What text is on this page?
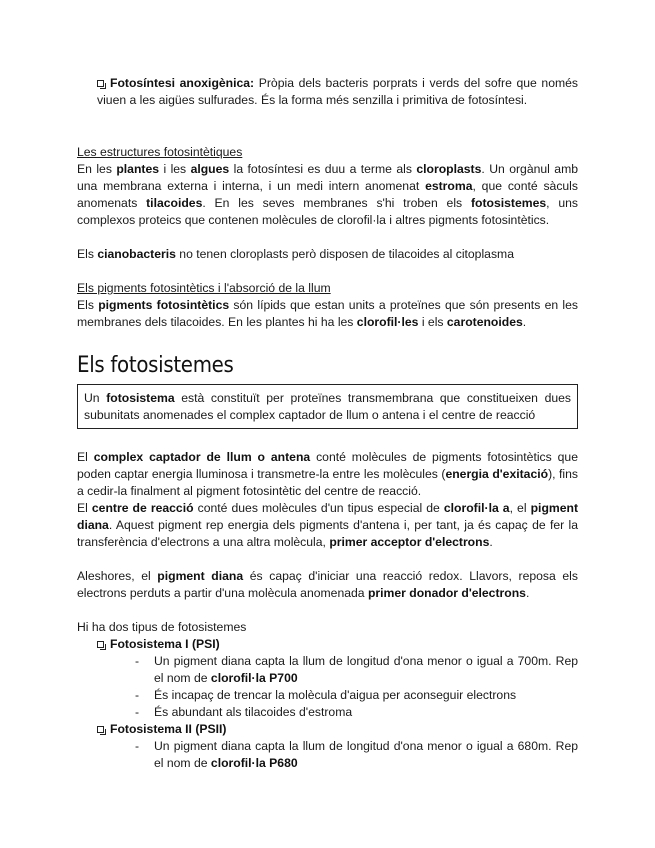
Fotosíntesi anoxigènica: Pròpia dels bacteris porprats i verds del sofre que només viuen a les aigües sulfurades. És la forma més senzilla i primitiva de fotosíntesi.
Les estructures fotosintètiques
En les plantes i les algues la fotosíntesi es duu a terme als cloroplasts. Un orgànul amb una membrana externa i interna, i un medi intern anomenat estroma, que conté sàculs anomenats tilacoides. En les seves membranes s'hi troben els fotosistemes, uns complexos proteics que contenen molècules de clorofil·la i altres pigments fotosintètics.
Els cianobacteris no tenen cloroplasts però disposen de tilacoides al citoplasma
Els pigments fotosintètics i l'absorció de la llum
Els pigments fotosintètics són lípids que estan units a proteïnes que són presents en les membranes dels tilacoides. En les plantes hi ha les clorofil·les i els carotenoides.
Els fotosistemes
Un fotosistema està constituït per proteïnes transmembrana que constitueixen dues subunitats anomenades el complex captador de llum o antena i el centre de reacció
El complex captador de llum o antena conté molècules de pigments fotosintètics que poden captar energia lluminosa i transmetre-la entre les molècules (energia d'exitació), fins a cedir-la finalment al pigment fotosintètic del centre de reacció.
El centre de reacció conté dues molècules d'un tipus especial de clorofil·la a, el pigment diana. Aquest pigment rep energia dels pigments d'antena i, per tant, ja és capaç de fer la transferència d'electrons a una altra molècula, primer acceptor d'electrons.
Aleshores, el pigment diana és capaç d'iniciar una reacció redox. Llavors, reposa els electrons perduts a partir d'una molècula anomenada primer donador d'electrons.
Hi ha dos tipus de fotosistemes
Fotosistema I (PSI)
- Un pigment diana capta la llum de longitud d'ona menor o igual a 700m. Rep el nom de clorofil·la P700
- És incapaç de trencar la molècula d'aigua per aconseguir electrons
- És abundant als tilacoides d'estroma
Fotosistema II (PSII)
- Un pigment diana capta la llum de longitud d'ona menor o igual a 680m. Rep el nom de clorofil·la P680
